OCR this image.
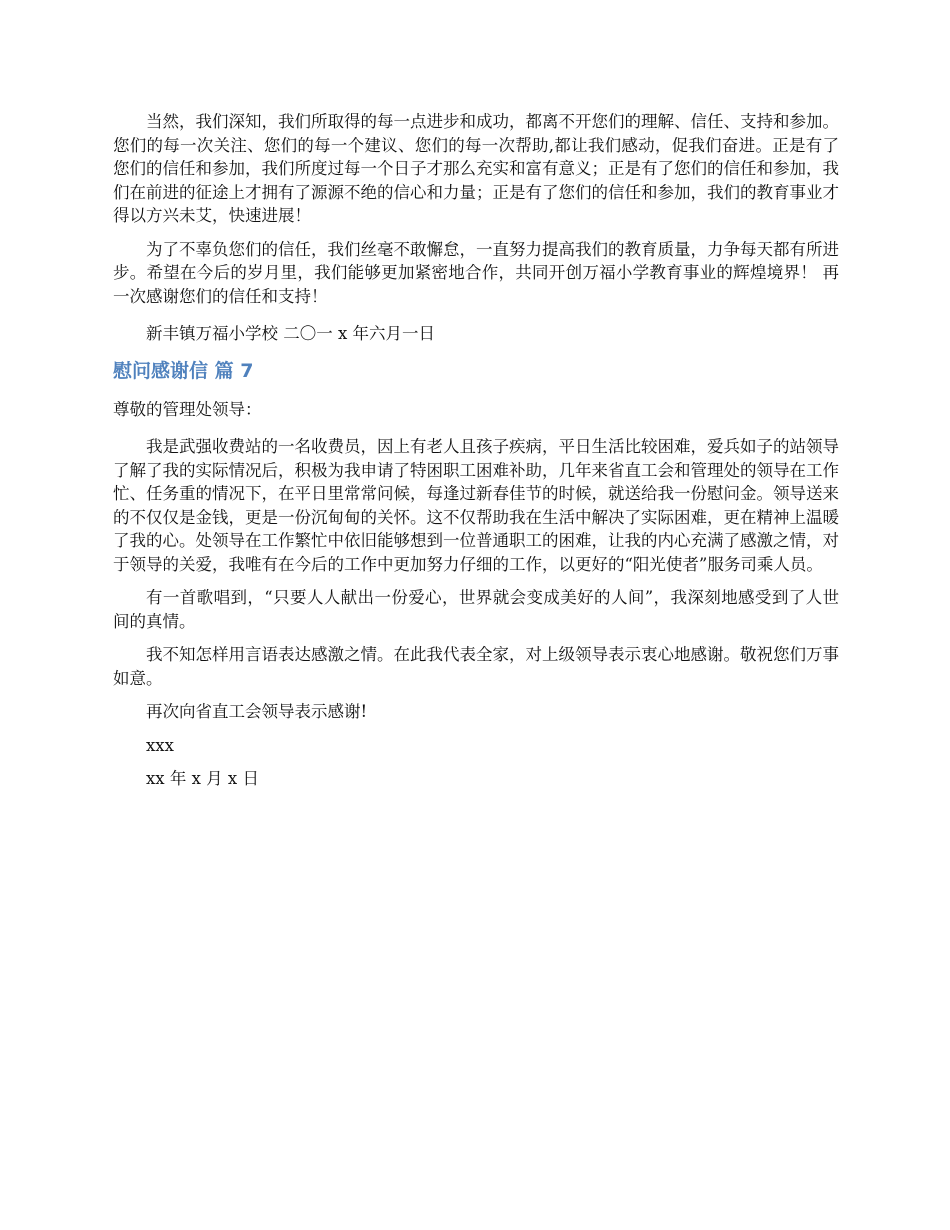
当然，我们深知，我们所取得的每一点进步和成功，都离不开您们的理解、信任、支持和参加。您们的每一次关注、您们的每一个建议、您们的每一次帮助,都让我们感动，促我们奋进。正是有了您们的信任和参加，我们所度过每一个日子才那么充实和富有意义；正是有了您们的信任和参加，我们在前进的征途上才拥有了源源不绝的信心和力量；正是有了您们的信任和参加，我们的教育事业才得以方兴未艾，快速进展！

为了不辜负您们的信任，我们丝毫不敢懈怠，一直努力提高我们的教育质量，力争每天都有所进步。希望在今后的岁月里，我们能够更加紧密地合作，共同开创万福小学教育事业的辉煌境界！ 再一次感谢您们的信任和支持！

新丰镇万福小学校 二〇一 x 年六月一日

慰问感谢信 篇 7

尊敬的管理处领导：

我是武强收费站的一名收费员，因上有老人且孩子疾病，平日生活比较困难，爱兵如子的站领导了解了我的实际情况后，积极为我申请了特困职工困难补助，几年来省直工会和管理处的领导在工作忙、任务重的情况下，在平日里常常问候，每逢过新春佳节的时候，就送给我一份慰问金。领导送来的不仅仅是金钱，更是一份沉甸甸的关怀。这不仅帮助我在生活中解决了实际困难，更在精神上温暖了我的心。处领导在工作繁忙中依旧能够想到一位普通职工的困难，让我的内心充满了感激之情，对于领导的关爱，我唯有在今后的工作中更加努力仔细的工作，以更好的“阳光使者”服务司乘人员。

有一首歌唱到，“只要人人献出一份爱心，世界就会变成美好的人间”，我深刻地感受到了人世间的真情。

我不知怎样用言语表达感激之情。在此我代表全家，对上级领导表示衷心地感谢。敬祝您们万事如意。

再次向省直工会领导表示感谢!

xxx

xx 年 x 月 x 日
